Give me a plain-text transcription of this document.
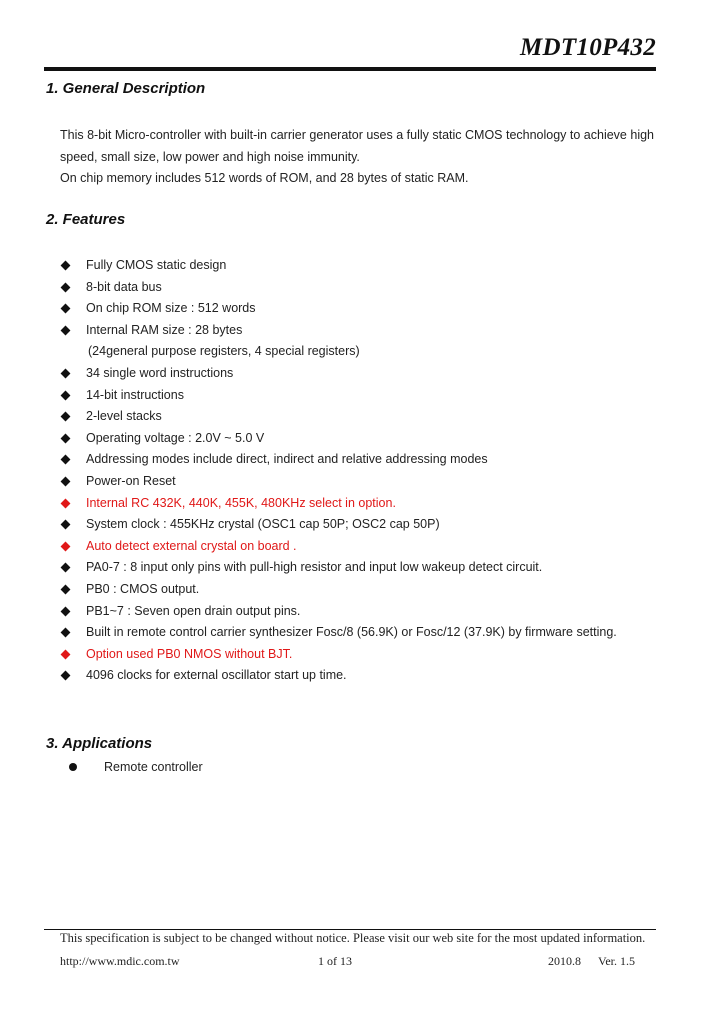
MDT10P432
1. General Description
This 8-bit Micro-controller with built-in carrier generator uses a fully static CMOS technology to achieve high speed, small size, low power and high noise immunity.
On chip memory includes 512 words of ROM, and 28 bytes of static RAM.
2. Features
Fully CMOS static design
8-bit data bus
On chip ROM size : 512 words
Internal RAM size : 28 bytes
(24general purpose registers, 4 special registers)
34 single word instructions
14-bit instructions
2-level stacks
Operating voltage : 2.0V ~ 5.0 V
Addressing modes include direct, indirect and relative addressing modes
Power-on Reset
Internal RC 432K, 440K, 455K, 480KHz select in option.
System clock : 455KHz crystal (OSC1 cap 50P; OSC2 cap 50P)
Auto detect external crystal on board .
PA0-7 : 8 input only pins with pull-high resistor and input low wakeup detect circuit.
PB0 : CMOS output.
PB1~7 : Seven open drain output pins.
Built in remote control carrier synthesizer Fosc/8 (56.9K) or Fosc/12 (37.9K) by firmware setting.
Option used PB0 NMOS without BJT.
4096 clocks for external oscillator start up time.
3. Applications
Remote controller
This specification is subject to be changed without notice. Please visit our web site for the most updated information.
http://www.mdic.com.tw	1 of 13	2010.8 Ver. 1.5
